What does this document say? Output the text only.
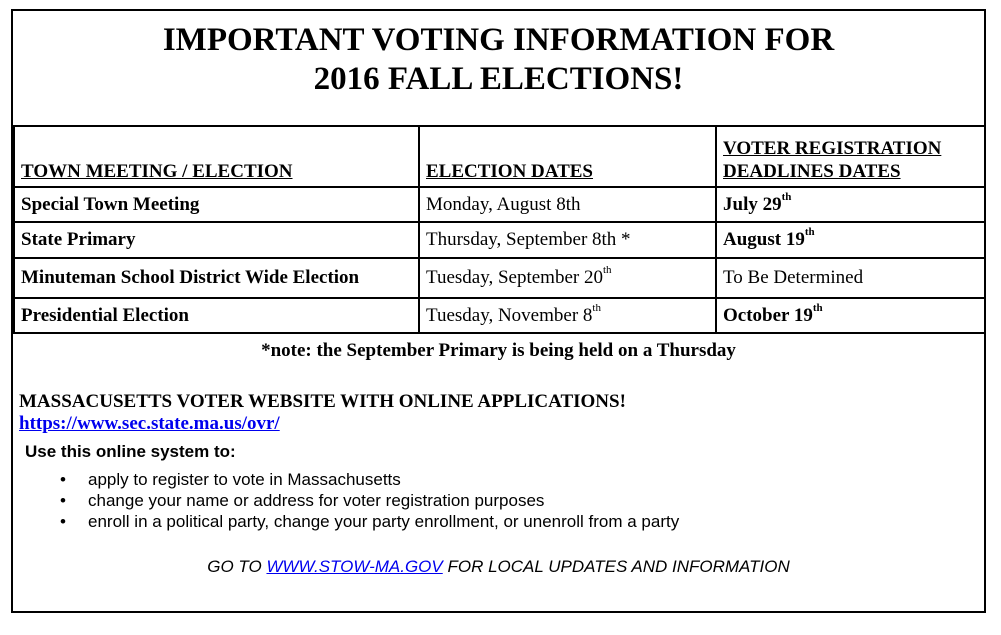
IMPORTANT VOTING INFORMATION FOR
2016 FALL ELECTIONS!
TOWN MEETING / ELECTION	ELECTION DATES	VOTER REGISTRATION
DEADLINES DATES

Special Town Meeting	Monday, August 8th	July 29th
State Primary	Thursday, September 8th *	August 19th
Minuteman School District Wide Election	Tuesday, September 20th	To Be Determined
Presidential Election	Tuesday, November 8th	October 19th
*note: the September Primary is being held on a Thursday
MASSACUSETTS VOTER WEBSITE WITH ONLINE APPLICATIONS!
https://www.sec.state.ma.us/ovr/
Use this online system to:
• apply to register to vote in Massachusetts
• change your name or address for voter registration purposes
• enroll in a political party, change your party enrollment, or unenroll from a party
GO TO WWW.STOW-MA.GOV FOR LOCAL UPDATES AND INFORMATION
